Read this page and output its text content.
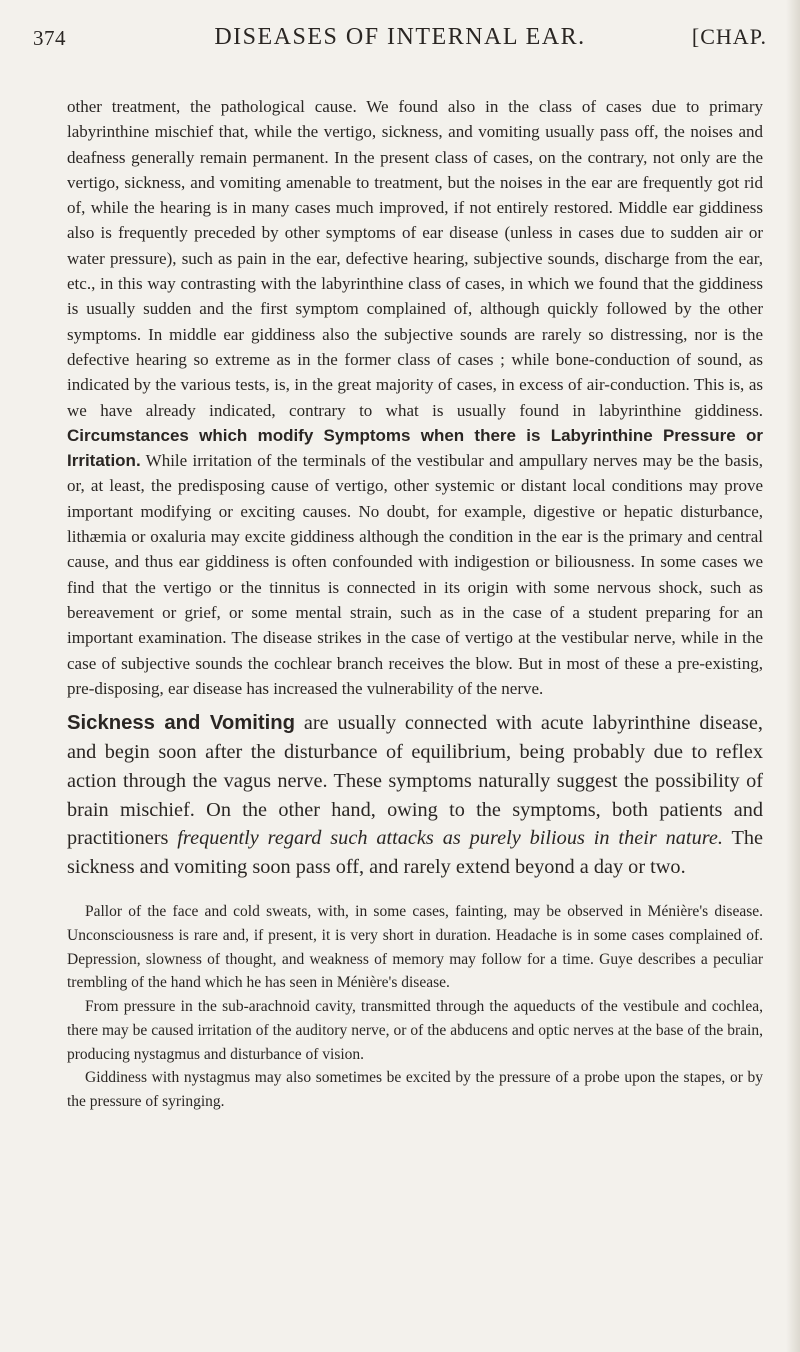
374	DISEASES OF INTERNAL EAR.	[CHAP.

other treatment, the pathological cause. We found also in the class of cases due to primary labyrinthine mischief that, while the vertigo, sickness, and vomiting usually pass off, the noises and deafness generally remain permanent. In the present class of cases, on the contrary, not only are the vertigo, sickness, and vomiting amenable to treatment, but the noises in the ear are frequently got rid of, while the hearing is in many cases much improved, if not entirely restored. Middle ear giddiness also is frequently preceded by other symptoms of ear disease (unless in cases due to sudden air or water pressure), such as pain in the ear, defective hearing, subjective sounds, discharge from the ear, etc., in this way contrasting with the labyrinthine class of cases, in which we found that the giddiness is usually sudden and the first symptom complained of, although quickly followed by the other symptoms. In middle ear giddiness also the subjective sounds are rarely so distressing, nor is the defective hearing so extreme as in the former class of cases ; while bone-conduction of sound, as indicated by the various tests, is, in the great majority of cases, in excess of air-conduction. This is, as we have already indicated, contrary to what is usually found in labyrinthine giddiness. Circumstances which modify Symptoms when there is Labyrinthine Pressure or Irritation. While irritation of the terminals of the vestibular and ampullary nerves may be the basis, or, at least, the predisposing cause of vertigo, other systemic or distant local conditions may prove important modifying or exciting causes. No doubt, for example, digestive or hepatic disturbance, lithæmia or oxaluria may excite giddiness although the condition in the ear is the primary and central cause, and thus ear giddiness is often confounded with indigestion or biliousness. In some cases we find that the vertigo or the tinnitus is connected in its origin with some nervous shock, such as bereavement or grief, or some mental strain, such as in the case of a student preparing for an important examination. The disease strikes in the case of vertigo at the vestibular nerve, while in the case of subjective sounds the cochlear branch receives the blow. But in most of these a pre-existing, pre-disposing, ear disease has increased the vulnerability of the nerve.

Sickness and Vomiting are usually connected with acute labyrinthine disease, and begin soon after the disturbance of equilibrium, being probably due to reflex action through the vagus nerve. These symptoms naturally suggest the possibility of brain mischief. On the other hand, owing to the symptoms, both patients and practitioners frequently regard such attacks as purely bilious in their nature. The sickness and vomiting soon pass off, and rarely extend beyond a day or two.

Pallor of the face and cold sweats, with, in some cases, fainting, may be observed in Ménière's disease. Unconsciousness is rare and, if present, it is very short in duration. Headache is in some cases complained of. Depression, slowness of thought, and weakness of memory may follow for a time. Guye describes a peculiar trembling of the hand which he has seen in Ménière's disease.

From pressure in the sub-arachnoid cavity, transmitted through the aqueducts of the vestibule and cochlea, there may be caused irritation of the auditory nerve, or of the abducens and optic nerves at the base of the brain, producing nystagmus and disturbance of vision.

Giddiness with nystagmus may also sometimes be excited by the pressure of a probe upon the stapes, or by the pressure of syringing.
